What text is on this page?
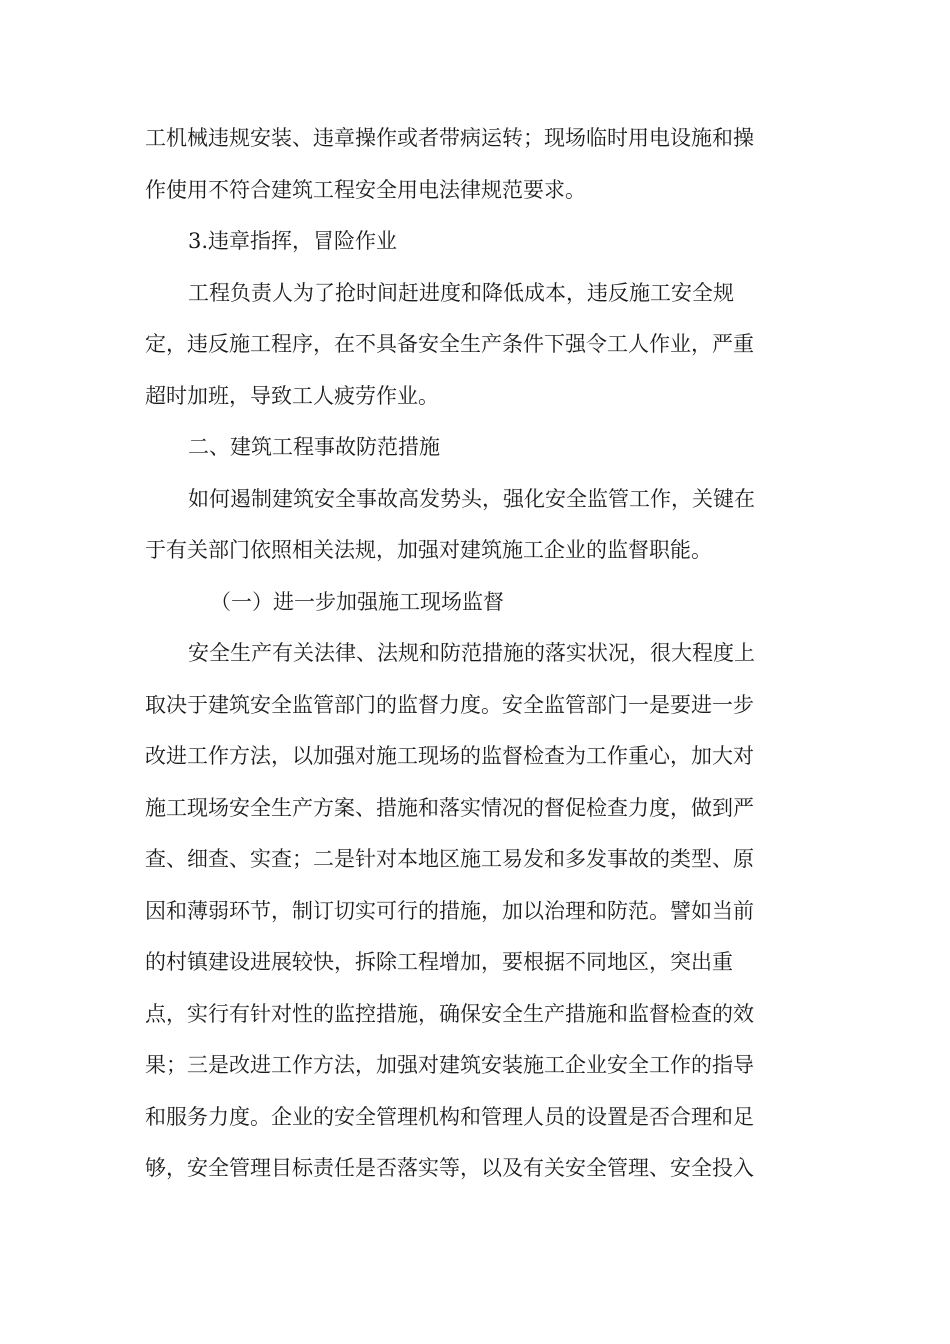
工机械违规安装、违章操作或者带病运转；现场临时用电设施和操
作使用不符合建筑工程安全用电法律规范要求。
3.违章指挥，冒险作业
工程负责人为了抢时间赶进度和降低成本，违反施工安全规
定，违反施工程序，在不具备安全生产条件下强令工人作业，严重
超时加班，导致工人疲劳作业。
二、建筑工程事故防范措施
如何遏制建筑安全事故高发势头，强化安全监管工作，关键在
于有关部门依照相关法规，加强对建筑施工企业的监督职能。
（一）进一步加强施工现场监督
安全生产有关法律、法规和防范措施的落实状况，很大程度上
取决于建筑安全监管部门的监督力度。安全监管部门一是要进一步
改进工作方法，以加强对施工现场的监督检查为工作重心，加大对
施工现场安全生产方案、措施和落实情况的督促检查力度，做到严
查、细查、实查；二是针对本地区施工易发和多发事故的类型、原
因和薄弱环节，制订切实可行的措施，加以治理和防范。譬如当前
的村镇建设进展较快，拆除工程增加，要根据不同地区，突出重
点，实行有针对性的监控措施，确保安全生产措施和监督检查的效
果；三是改进工作方法，加强对建筑安装施工企业安全工作的指导
和服务力度。企业的安全管理机构和管理人员的设置是否合理和足
够，安全管理目标责任是否落实等，以及有关安全管理、安全投入
